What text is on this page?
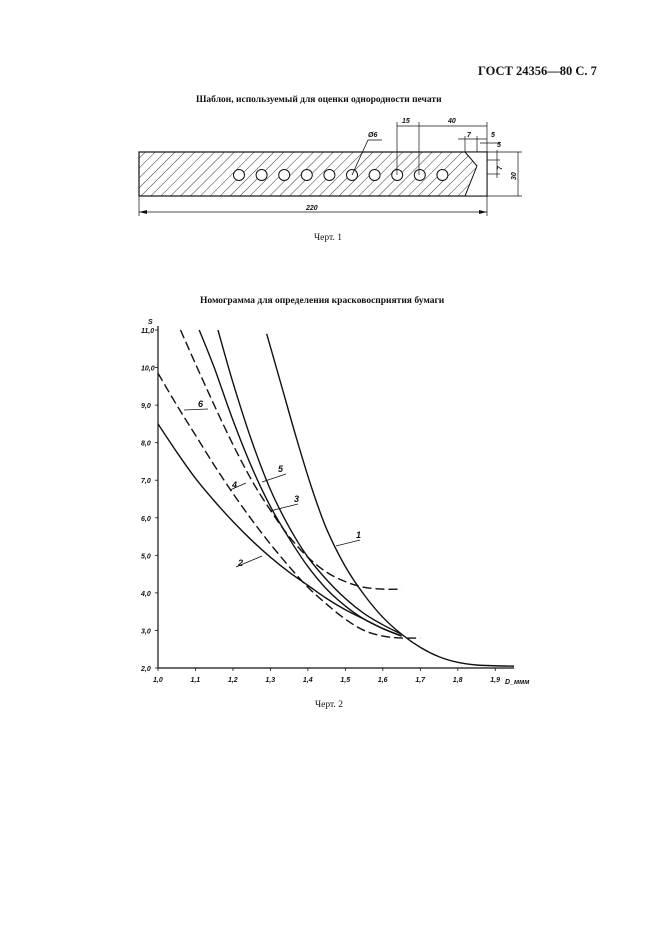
ГОСТ 24356—80 С. 7
Шаблон, используемый для оценки однородности печати
Ø6
15	40
7	5
5
7
30
220
Черт. 1
Номограмма для определения красковосприятия бумаги
1,0	1,1	1,2	1,3	1,4	1,5	1,6	1,7	1,8	1,9
2,0
3,0
4,0
5,0
6,0
7,0
8,0
9,0
10,0
11,0
1
2
3
4
5
6
S
D_ммм
Черт. 2
